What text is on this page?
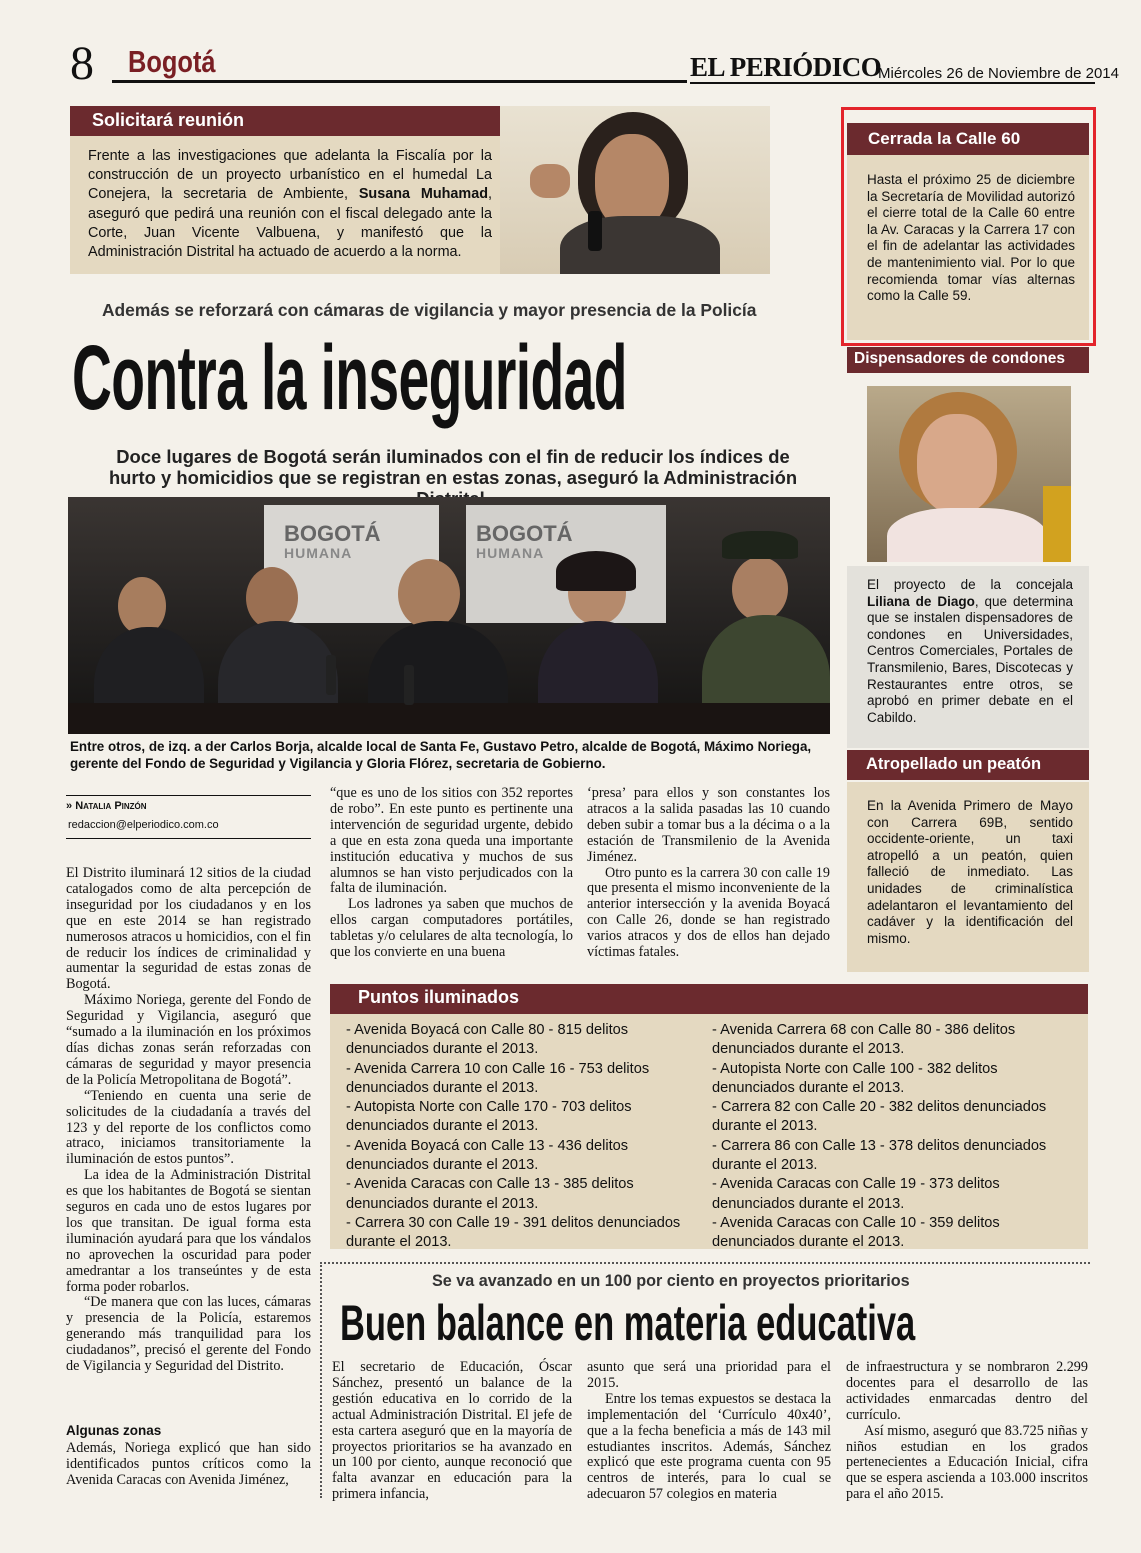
8 Bogotá	EL PERIÓDICO
Miércoles 26 de Noviembre de 2014
Solicitará reunión
Frente a las investigaciones que adelanta la Fiscalía por la construcción de un proyecto urbanístico en el humedal La Conejera, la secretaria de Ambiente, Susana Muhamad, aseguró que pedirá una reunión con el fiscal delegado ante la Corte, Juan Vicente Valbuena, y manifestó que la Administración Distrital ha actuado de acuerdo a la norma.
Cerrada la Calle 60
Hasta el próximo 25 de diciembre la Secretaría de Movilidad autorizó el cierre total de la Calle 60 entre la Av. Caracas y la Carrera 17 con el fin de adelantar las actividades de mantenimiento vial. Por lo que recomienda tomar vías alternas como la Calle 59.
Dispensadores de condones
El proyecto de la concejala Liliana de Diago, que determina que se instalen dispensadores de condones en Universidades, Centros Comerciales, Portales de Transmilenio, Bares, Discotecas y Restaurantes entre otros, se aprobó en primer debate en el Cabildo.
Atropellado un peatón
En la Avenida Primero de Mayo con Carrera 69B, sentido occidente-oriente, un taxi atropelló a un peatón, quien falleció de inmediato. Las unidades de criminalística adelantaron el levantamiento del cadáver y la identificación del mismo.
Además se reforzará con cámaras de vigilancia y mayor presencia de la Policía
Contra la inseguridad
Doce lugares de Bogotá serán iluminados con el fin de reducir los índices de hurto y homicidios que se registran en estas zonas, aseguró la Administración
BOGOTÁ
HUMANA
BOGOTÁ
HUMANA
Entre otros, de izq. a der Carlos Borja, alcalde local de Santa Fe, Gustavo Petro, alcalde de Bogotá, Máximo Noriega, gerente del Fondo de Seguridad y Vigilancia y Gloria Flórez, secretaria de Gobierno.
» Natalia Pinzón
redaccion@elperiodico.com.co

El Distrito iluminará 12 sitios de la ciudad catalogados como de alta percepción de inseguridad por los ciudadanos y en los que en este 2014 se han registrado numerosos atracos u homicidios, con el fin de reducir los índices de criminalidad y aumentar la seguridad de estas zonas de Bogotá.

Máximo Noriega, gerente del Fondo de Seguridad y Vigilancia, aseguró que “sumado a la iluminación en los próximos días dichas zonas serán reforzadas con cámaras de seguridad y mayor presencia de la Policía Metropolitana de Bogotá”.

“Teniendo en cuenta una serie de solicitudes de la ciudadanía a través del 123 y del reporte de los conflictos como atraco, iniciamos transitoriamente la iluminación de estos puntos”.

La idea de la Administración Distrital es que los habitantes de Bogotá se sientan seguros en cada uno de estos lugares por los que transitan. De igual forma esta iluminación ayudará para que los vándalos no aprovechen la oscuridad para poder amedrantar a los transeúntes y de esta forma poder robarlos.

“De manera que con las luces, cámaras y presencia de la Policía, estaremos generando más tranquilidad para los ciudadanos”, precisó el gerente del Fondo de Vigilancia y Seguridad del Distrito.

Algunas zonas
Además, Noriega explicó que han sido identificados puntos críticos como la Avenida Caracas con Avenida Jiménez,

“que es uno de los sitios con 352 reportes de robo”. En este punto es pertinente una intervención de seguridad urgente, debido a que en esta zona queda una importante institución educativa y muchos de sus alumnos se han visto perjudicados con la falta de iluminación.

Los ladrones ya saben que muchos de ellos cargan computadores portátiles, tabletas y/o celulares de alta tecnología, lo que los convierte en una buena

‘presa’ para ellos y son constantes los atracos a la salida pasadas las 10 cuando deben subir a tomar bus a la décima o a la estación de Transmilenio de la Avenida Jiménez.

Otro punto es la carrera 30 con calle 19 que presenta el mismo inconveniente de la anterior intersección y la avenida Boyacá con Calle 26, donde se han registrado varios atracos y dos de ellos han dejado víctimas fatales.

Puntos iluminados
- Avenida Boyacá con Calle 80 - 815 delitos denunciados durante el 2013.
- Avenida Carrera 10 con Calle 16 - 753 delitos denunciados durante el 2013.
- Autopista Norte con Calle 170 - 703 delitos denunciados durante el 2013.
- Avenida Boyacá con Calle 13 - 436 delitos denunciados durante el 2013.
- Avenida Caracas con Calle 13 - 385 delitos denunciados durante el 2013.
- Carrera 30 con Calle 19 - 391 delitos denunciados durante el 2013.
- Avenida Carrera 68 con Calle 80 - 386 delitos denunciados durante el 2013.
- Autopista Norte con Calle 100 - 382 delitos denunciados durante el 2013.
- Carrera 82 con Calle 20 - 382 delitos denunciados durante el 2013.
- Carrera 86 con Calle 13 - 378 delitos denunciados durante el 2013.
- Avenida Caracas con Calle 19 - 373 delitos denunciados durante el 2013.
- Avenida Caracas con Calle 10 - 359 delitos denunciados durante el 2013.
Se va avanzado en un 100 por ciento en proyectos prioritarios
Buen balance en materia educativa
El secretario de Educación, Óscar Sánchez, presentó un balance de la gestión educativa en lo corrido de la actual Administración Distrital. El jefe de esta cartera aseguró que en la mayoría de proyectos prioritarios se ha avanzado en un 100 por ciento, aunque reconoció que falta avanzar en educación para la primera infancia,

asunto que será una prioridad para el 2015.

Entre los temas expuestos se destaca la implementación del ‘Currículo 40x40’, que a la fecha beneficia a más de 143 mil estudiantes inscritos. Además, Sánchez explicó que este programa cuenta con 95 centros de interés, para lo cual se adecuaron 57 colegios en materia

de infraestructura y se nombraron 2.299 docentes para el desarrollo de las actividades enmarcadas dentro del currículo.

Así mismo, aseguró que 83.725 niñas y niños estudian en los grados pertenecientes a Educación Inicial, cifra que se espera ascienda a 103.000 inscritos para el año 2015.
